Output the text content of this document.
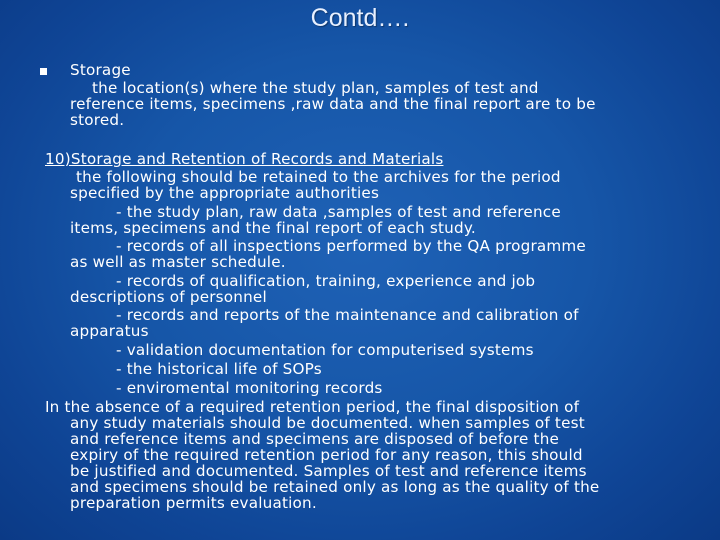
Contd….
Storage
the location(s) where the study plan, samples of test and
reference items, specimens ,raw data and the final report are to be
stored.
10)Storage and Retention of Records and Materials
the following should be retained to the archives for the period
specified by the appropriate authorities
- the study plan, raw data ,samples of test and reference
items, specimens and the final report of each study.
- records of all inspections performed by the QA programme
as well as master schedule.
- records of qualification, training, experience and job
descriptions of personnel
- records and reports of the maintenance and calibration of
apparatus
- validation documentation for computerised systems
- the historical life of SOPs
- enviromental monitoring records
In the absence of a required retention period, the final disposition of
any study materials should be documented. when samples of test
and reference items and specimens are disposed of before the
expiry of the required retention period for any reason, this should
be justified and documented. Samples of test and reference items
and specimens should be retained only as long as the quality of the
preparation permits evaluation.
